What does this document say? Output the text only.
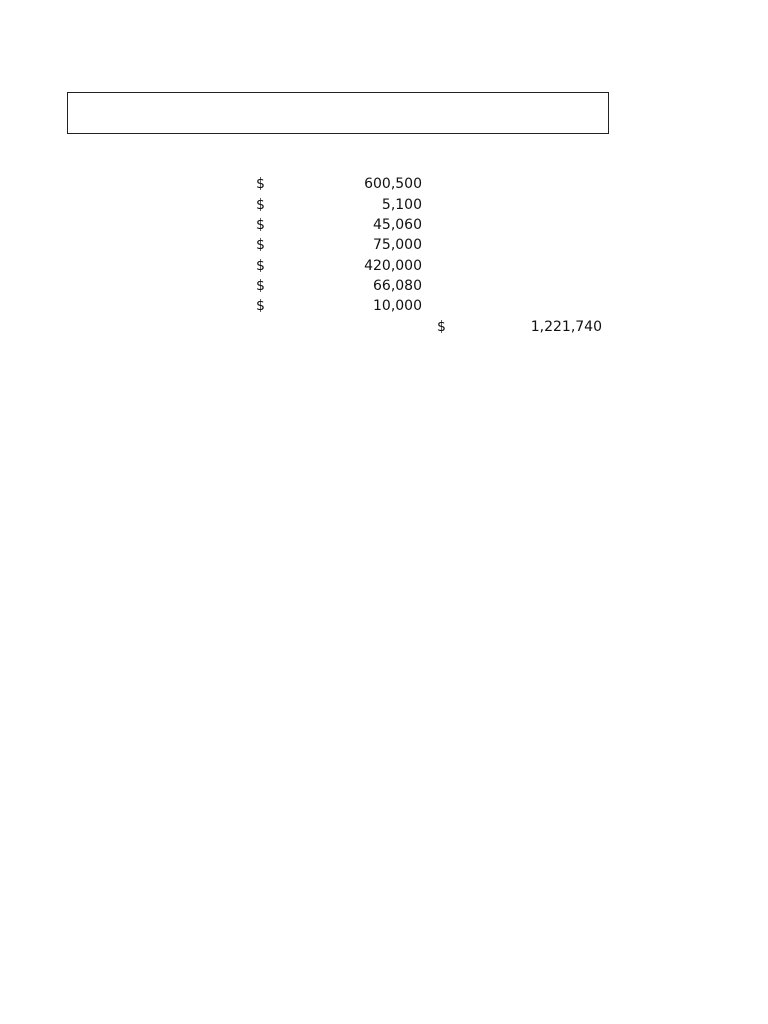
$	600,500
$	5,100
$	45,060
$	75,000
$	420,000
$	66,080
$	10,000
$	1,221,740
